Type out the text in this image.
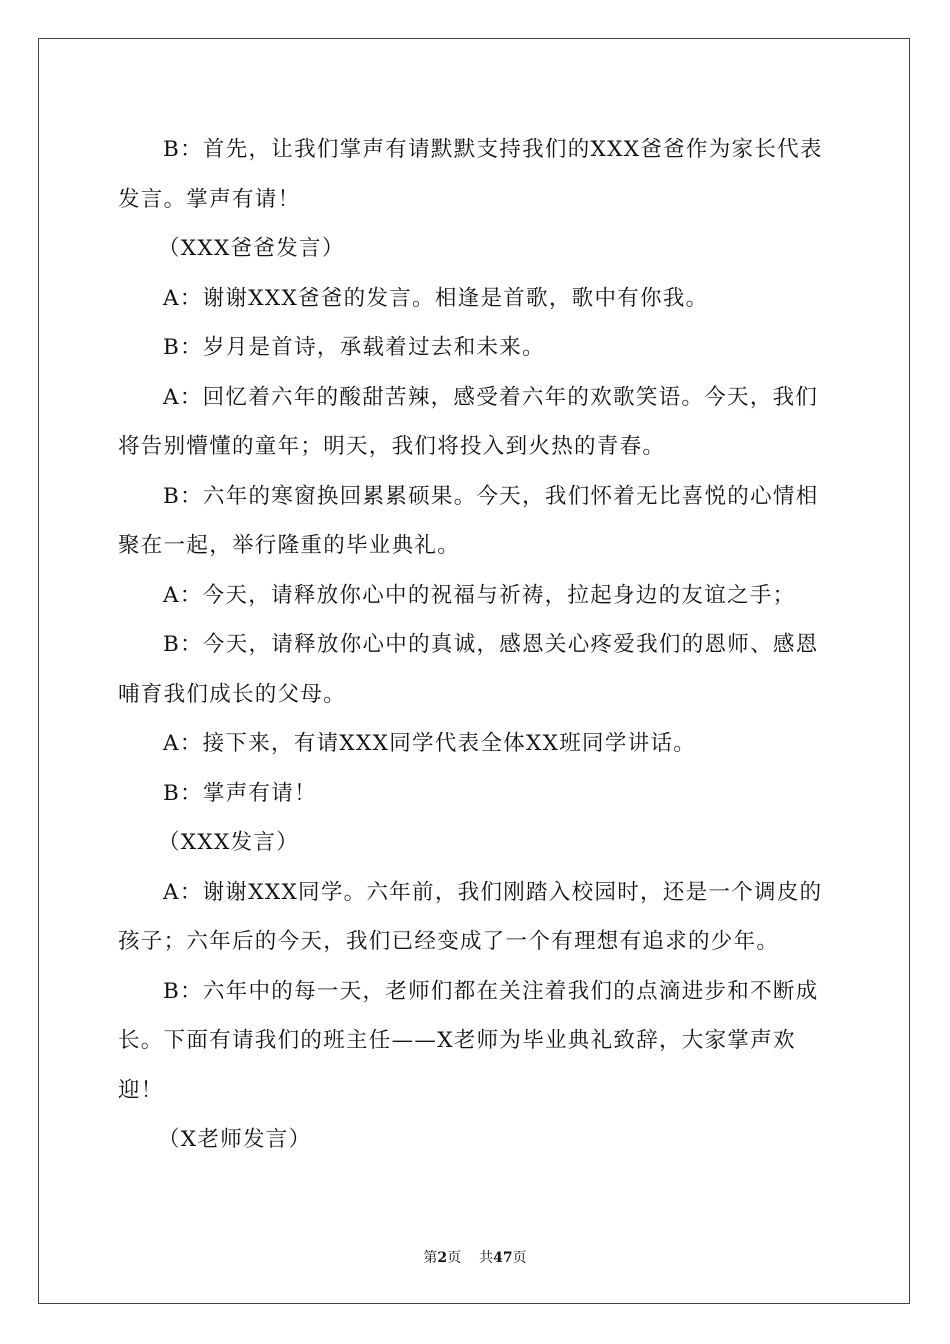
B：首先，让我们掌声有请默默支持我们的XXX爸爸作为家长代表发言。掌声有请！

（XXX爸爸发言）

A：谢谢XXX爸爸的发言。相逢是首歌，歌中有你我。

B：岁月是首诗，承载着过去和未来。

A：回忆着六年的酸甜苦辣，感受着六年的欢歌笑语。今天，我们将告别懵懂的童年；明天，我们将投入到火热的青春。

B：六年的寒窗换回累累硕果。今天，我们怀着无比喜悦的心情相聚在一起，举行隆重的毕业典礼。

A：今天，请释放你心中的祝福与祈祷，拉起身边的友谊之手；

B：今天，请释放你心中的真诚，感恩关心疼爱我们的恩师、感恩哺育我们成长的父母。

A：接下来，有请XXX同学代表全体XX班同学讲话。

B：掌声有请！

（XXX发言）

A：谢谢XXX同学。六年前，我们刚踏入校园时，还是一个调皮的孩子；六年后的今天，我们已经变成了一个有理想有追求的少年。

B：六年中的每一天，老师们都在关注着我们的点滴进步和不断成长。下面有请我们的班主任——X老师为毕业典礼致辞，大家掌声欢迎！

（X老师发言）

第2页 共47页
